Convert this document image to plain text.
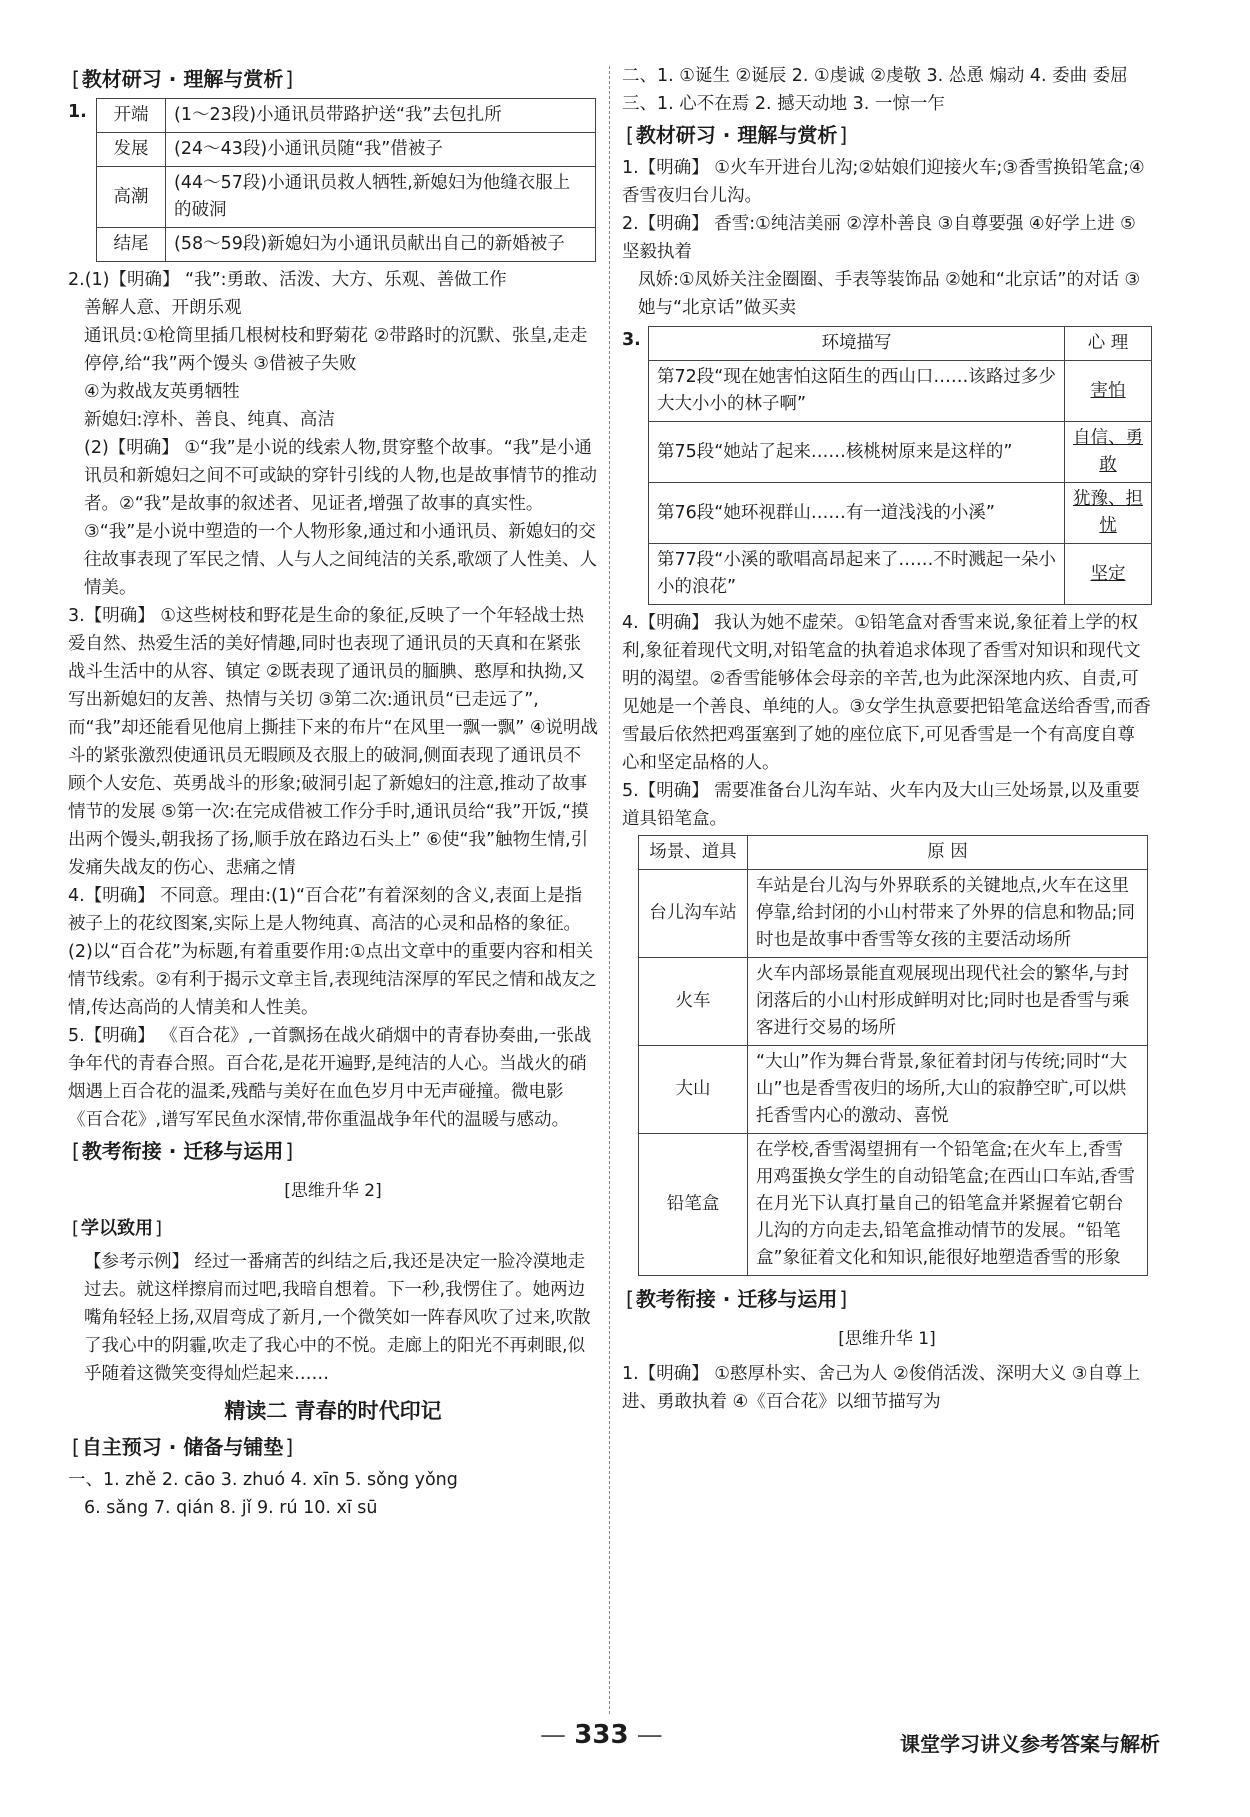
[ 教材研习 · 理解与赏析 ]
1. 开端	(1～23段)小通讯员带路护送“我”去包扎所
发展	(24～43段)小通讯员随“我”借被子
高潮	(44～57段)小通讯员救人牺牲,新媳妇为他缝衣服上的破洞
结尾	(58～59段)新媳妇为小通讯员献出自己的新婚被子

2.(1)【明确】 “我”:勇敢、活泼、大方、乐观、善做工作

善解人意、开朗乐观

通讯员:①枪筒里插几根树枝和野菊花 ②带路时的沉默、张皇,走走停停,给“我”两个馒头 ③借被子失败

④为救战友英勇牺牲

新媳妇:淳朴、善良、纯真、高洁

(2)【明确】 ①“我”是小说的线索人物,贯穿整个故事。“我”是小通讯员和新媳妇之间不可或缺的穿针引线的人物,也是故事情节的推动者。②“我”是故事的叙述者、见证者,增强了故事的真实性。③“我”是小说中塑造的一个人物形象,通过和小通讯员、新媳妇的交往故事表现了军民之情、人与人之间纯洁的关系,歌颂了人性美、人情美。

3.【明确】 ①这些树枝和野花是生命的象征,反映了一个年轻战士热爱自然、热爱生活的美好情趣,同时也表现了通讯员的天真和在紧张战斗生活中的从容、镇定 ②既表现了通讯员的腼腆、憨厚和执拗,又写出新媳妇的友善、热情与关切 ③第二次:通讯员“已走远了”,而“我”却还能看见他肩上撕挂下来的布片“在风里一飘一飘” ④说明战斗的紧张激烈使通讯员无暇顾及衣服上的破洞,侧面表现了通讯员不顾个人安危、英勇战斗的形象;破洞引起了新媳妇的注意,推动了故事情节的发展 ⑤第一次:在完成借被工作分手时,通讯员给“我”开饭,“摸出两个馒头,朝我扬了扬,顺手放在路边石头上” ⑥使“我”触物生情,引发痛失战友的伤心、悲痛之情

4.【明确】 不同意。理由:(1)“百合花”有着深刻的含义,表面上是指被子上的花纹图案,实际上是人物纯真、高洁的心灵和品格的象征。(2)以“百合花”为标题,有着重要作用:①点出文章中的重要内容和相关情节线索。②有利于揭示文章主旨,表现纯洁深厚的军民之情和战友之情,传达高尚的人情美和人性美。

5.【明确】 《百合花》,一首飘扬在战火硝烟中的青春协奏曲,一张战争年代的青春合照。百合花,是花开遍野,是纯洁的人心。当战火的硝烟遇上百合花的温柔,残酷与美好在血色岁月中无声碰撞。微电影《百合花》,谱写军民鱼水深情,带你重温战争年代的温暖与感动。

[ 教考衔接 · 迁移与运用 ]
[ 思维升华 2 ]
[ 学以致用 ]

【参考示例】 经过一番痛苦的纠结之后,我还是决定一脸冷漠地走过去。就这样擦肩而过吧,我暗自想着。下一秒,我愣住了。她两边嘴角轻轻上扬,双眉弯成了新月,一个微笑如一阵春风吹了过来,吹散了我心中的阴霾,吹走了我心中的不悦。走廊上的阳光不再刺眼,似乎随着这微笑变得灿烂起来……

精读二 青春的时代印记
[ 自主预习 · 储备与铺垫 ]

一、1. zhě 2. cāo 3. zhuó 4. xīn 5. sǒng yǒng

6. sǎng 7. qián 8. jǐ 9. rú 10. xī sū

二、1. ①诞生 ②诞辰 2. ①虔诚 ②虔敬 3. 怂恿 煽动 4. 委曲 委屈

三、1. 心不在焉 2. 撼天动地 3. 一惊一乍

[ 教材研习 · 理解与赏析 ]

1.【明确】 ①火车开进台儿沟;②姑娘们迎接火车;③香雪换铅笔盒;④香雪夜归台儿沟。

2.【明确】 香雪:①纯洁美丽 ②淳朴善良 ③自尊要强 ④好学上进 ⑤坚毅执着

凤娇:①凤娇关注金圈圈、手表等装饰品 ②她和“北京话”的对话 ③她与“北京话”做买卖

3.	环境描写	心 理
第72段“现在她害怕这陌生的西山口……该路过多少大大小小的林子啊”	害怕
第75段“她站了起来……核桃树原来是这样的”	自信、勇敢
第76段“她环视群山……有一道浅浅的小溪”	犹豫、担忧
第77段“小溪的歌唱高昂起来了……不时溅起一朵小小的浪花”	坚定

4.【明确】 我认为她不虚荣。①铅笔盒对香雪来说,象征着上学的权利,象征着现代文明,对铅笔盒的执着追求体现了香雪对知识和现代文明的渴望。②香雪能够体会母亲的辛苦,也为此深深地内疚、自责,可见她是一个善良、单纯的人。③女学生执意要把铅笔盒送给香雪,而香雪最后依然把鸡蛋塞到了她的座位底下,可见香雪是一个有高度自尊心和坚定品格的人。

5.【明确】 需要准备台儿沟车站、火车内及大山三处场景,以及重要道具铅笔盒。

场景、道具	原 因
台儿沟车站	车站是台儿沟与外界联系的关键地点,火车在这里停靠,给封闭的小山村带来了外界的信息和物品;同时也是故事中香雪等女孩的主要活动场所
火车	火车内部场景能直观展现出现代社会的繁华,与封闭落后的小山村形成鲜明对比;同时也是香雪与乘客进行交易的场所
大山	“大山”作为舞台背景,象征着封闭与传统;同时“大山”也是香雪夜归的场所,大山的寂静空旷,可以烘托香雪内心的激动、喜悦
铅笔盒	在学校,香雪渴望拥有一个铅笔盒;在火车上,香雪用鸡蛋换女学生的自动铅笔盒;在西山口车站,香雪在月光下认真打量自己的铅笔盒并紧握着它朝台儿沟的方向走去,铅笔盒推动情节的发展。“铅笔盒”象征着文化和知识,能很好地塑造香雪的形象
[ 教考衔接 · 迁移与运用 ]
[ 思维升华 1 ]

1.【明确】 ①憨厚朴实、舍己为人 ②俊俏活泼、深明大义 ③自尊上进、勇敢执着 ④《百合花》以细节描写为

— 333 —	课堂学习讲义参考答案与解析
